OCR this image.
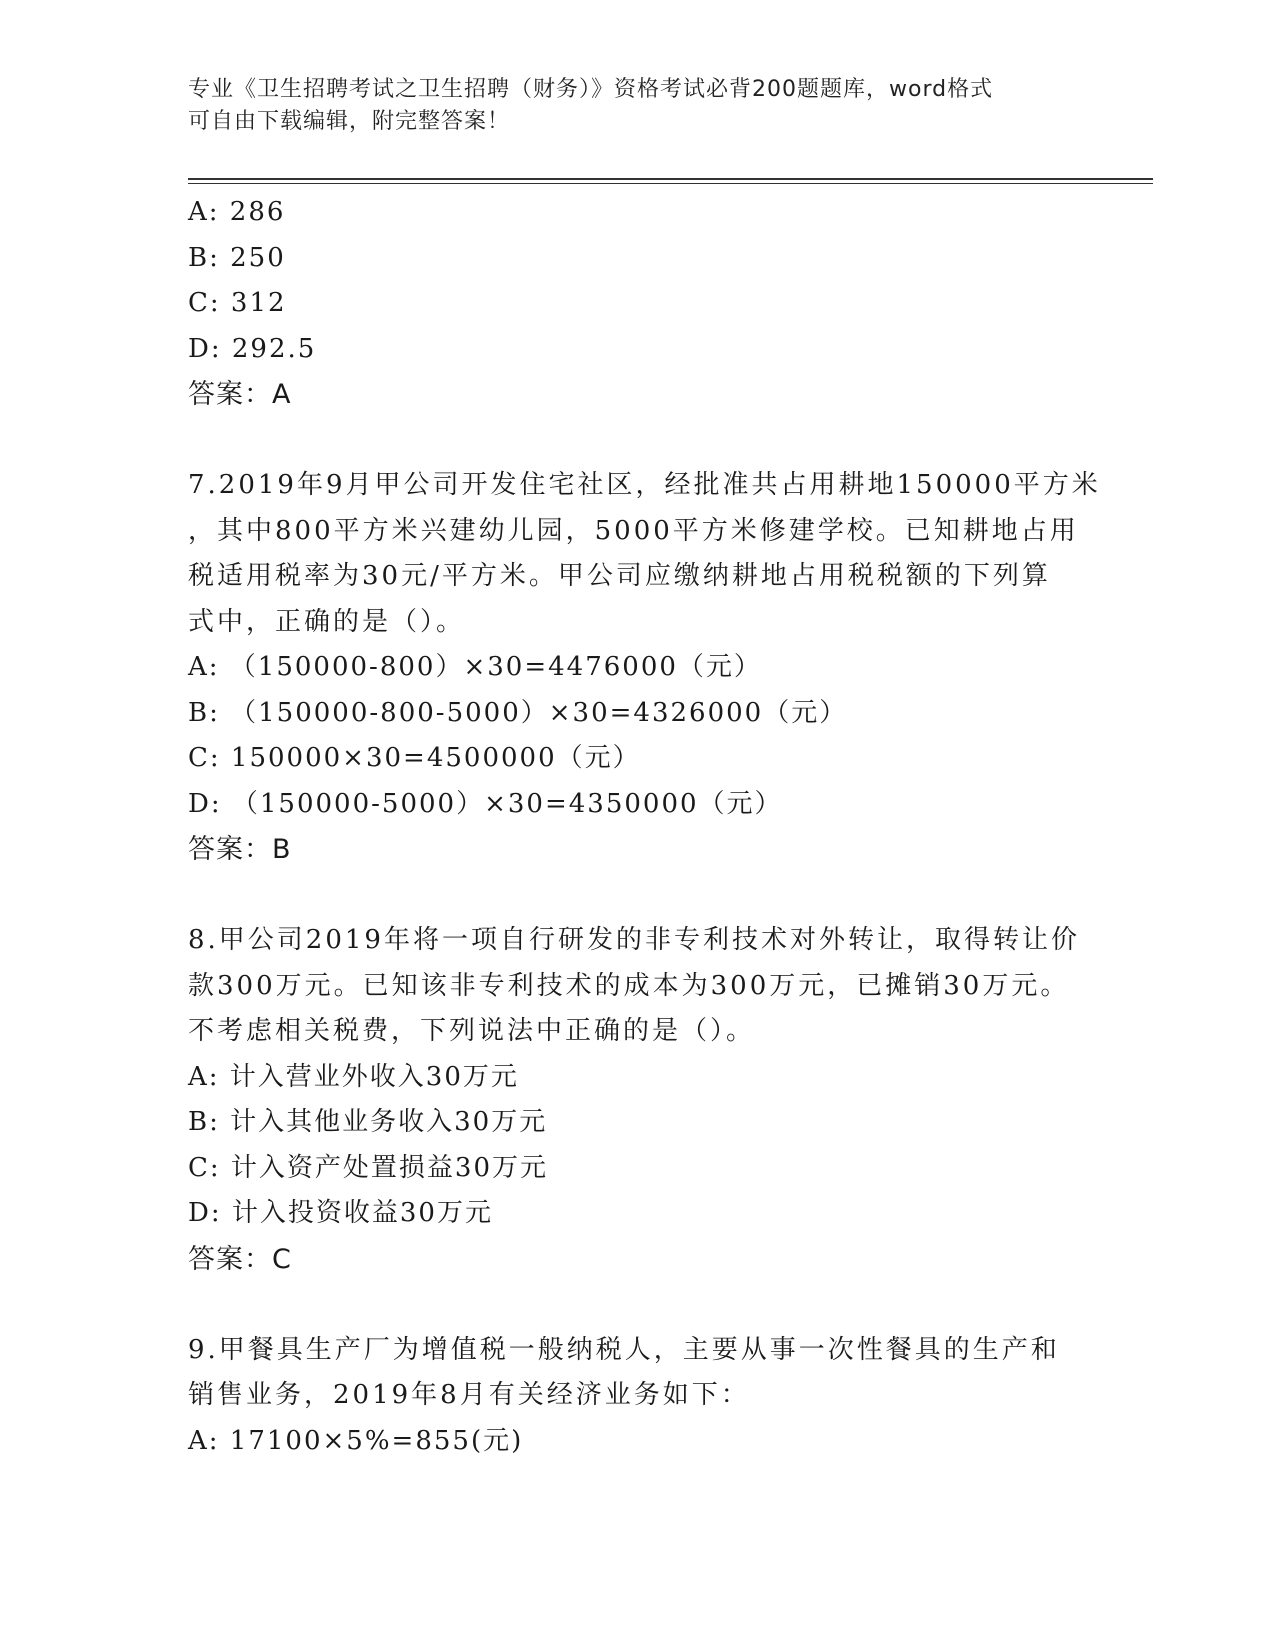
专业《卫生招聘考试之卫生招聘（财务）》资格考试必背200题题库，word格式
可自由下载编辑，附完整答案！
A: 286
B: 250
C: 312
D: 292.5
答案：A
7.2019年9月甲公司开发住宅社区，经批准共占用耕地150000平方米
，其中800平方米兴建幼儿园，5000平方米修建学校。已知耕地占用
税适用税率为30元/平方米。甲公司应缴纳耕地占用税税额的下列算
式中，正确的是（）。
A: （150000-800）×30=4476000（元）
B: （150000-800-5000）×30=4326000（元）
C: 150000×30=4500000（元）
D: （150000-5000）×30=4350000（元）
答案：B
8.甲公司2019年将一项自行研发的非专利技术对外转让，取得转让价
款300万元。已知该非专利技术的成本为300万元，已摊销30万元。
不考虑相关税费，下列说法中正确的是（）。
A: 计入营业外收入30万元
B: 计入其他业务收入30万元
C: 计入资产处置损益30万元
D: 计入投资收益30万元
答案：C
9.甲餐具生产厂为增值税一般纳税人，主要从事一次性餐具的生产和
销售业务，2019年8月有关经济业务如下：
A: 17100×5%=855(元)
